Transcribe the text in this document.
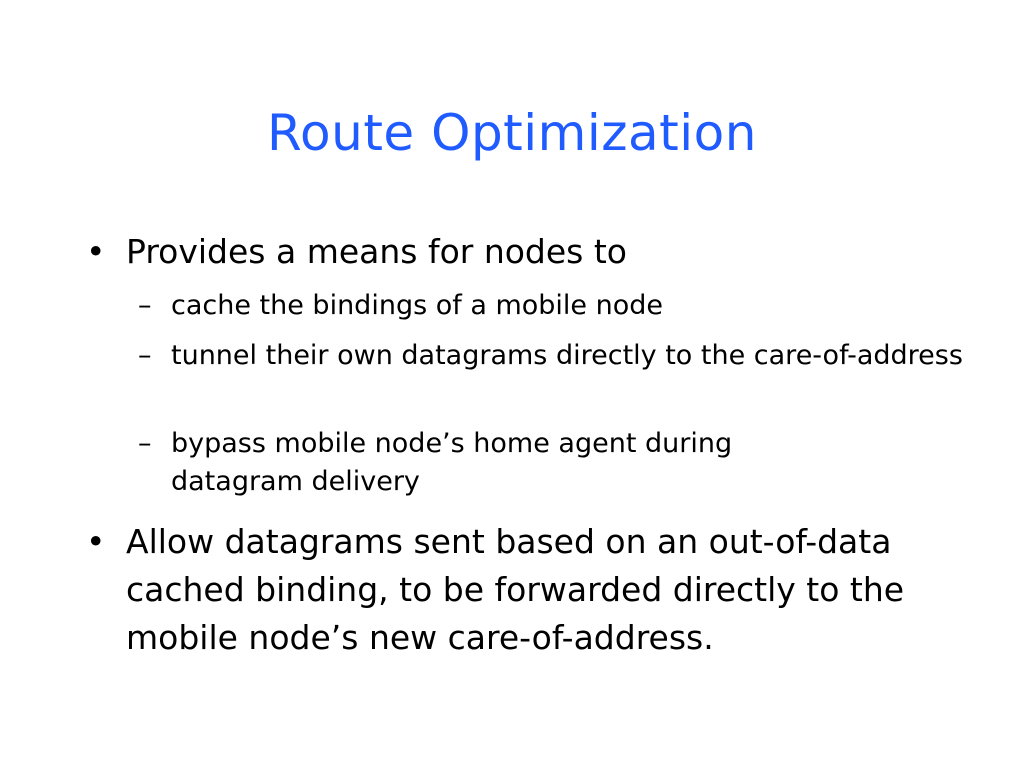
Route Optimization
• Provides a means for nodes to
– cache the bindings of a mobile node
– tunnel their own datagrams directly to the care-of-address
– bypass mobile node’s home agent during datagram delivery
• Allow datagrams sent based on an out-of-data cached binding, to be forwarded directly to the mobile node’s new care-of-address.
